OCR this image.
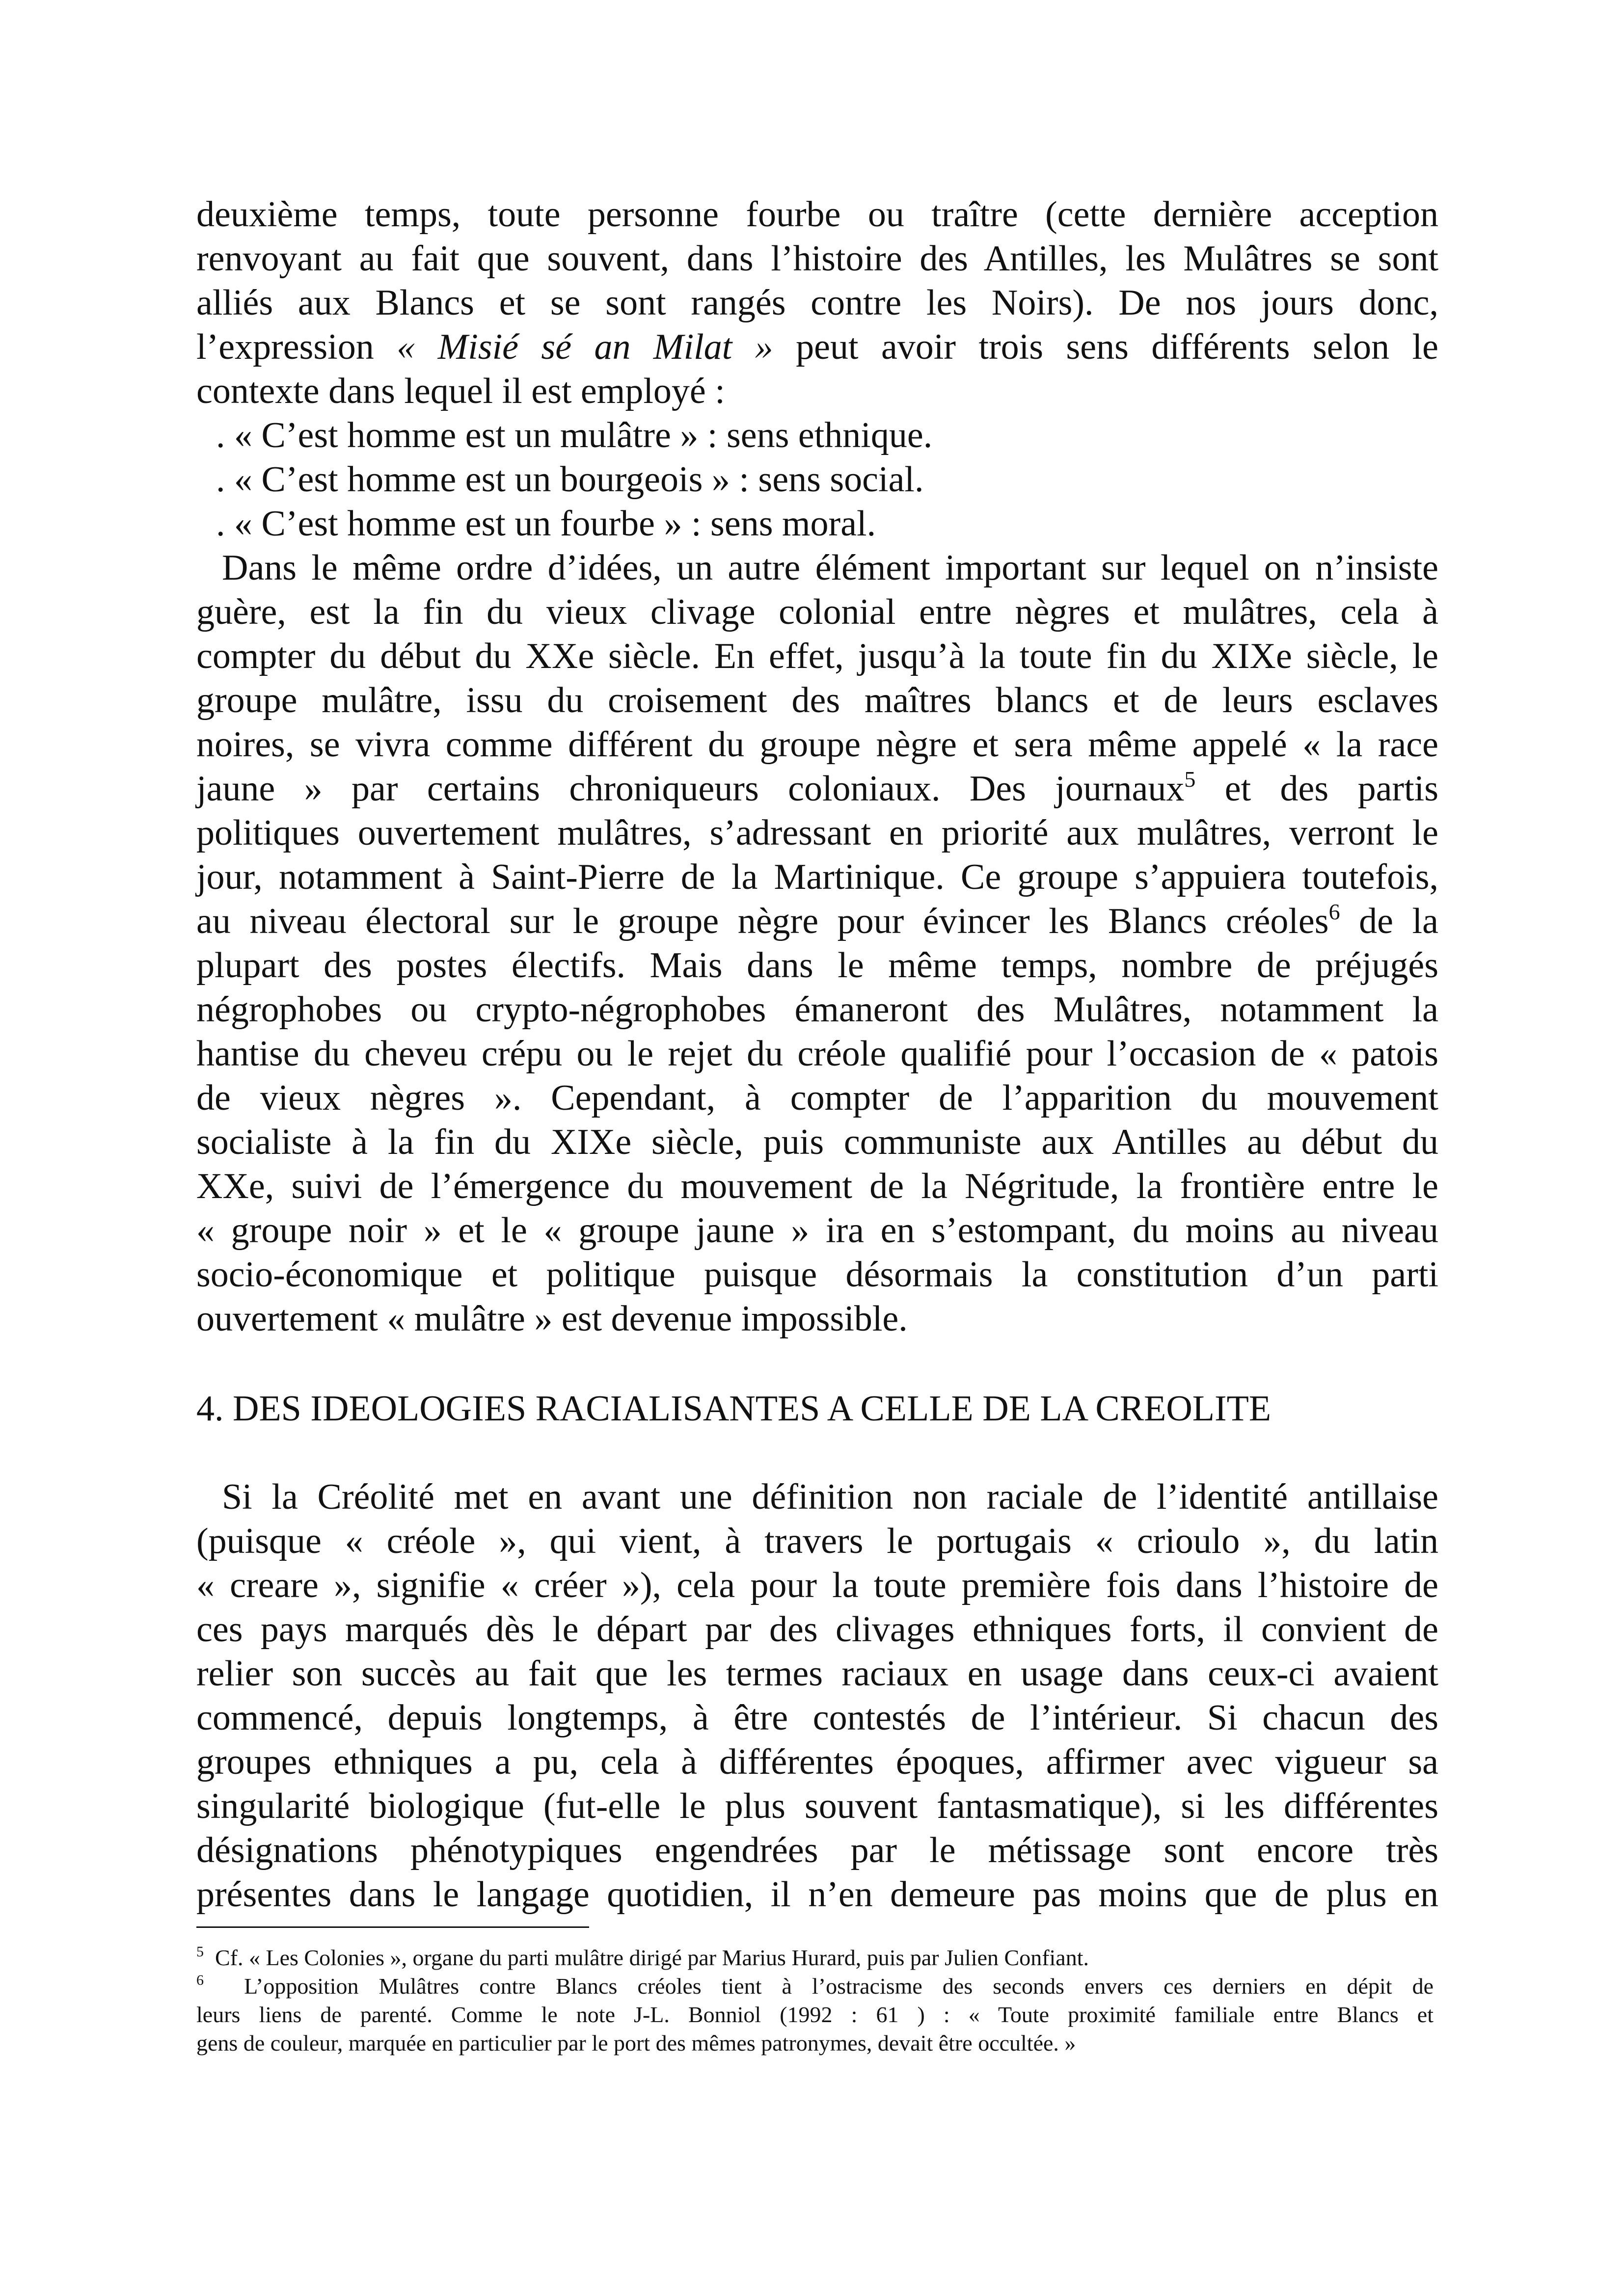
deuxième temps, toute personne fourbe ou traître (cette dernière acception
renvoyant au fait que souvent, dans l’histoire des Antilles, les Mulâtres se sont
alliés aux Blancs et se sont rangés contre les Noirs). De nos jours donc,
l’expression « Misié sé an Milat » peut avoir trois sens différents selon le
contexte dans lequel il est employé :
. « C’est homme est un mulâtre » : sens ethnique.
. « C’est homme est un bourgeois » : sens social.
. « C’est homme est un fourbe » : sens moral.
Dans le même ordre d’idées, un autre élément important sur lequel on n’insiste
guère, est la fin du vieux clivage colonial entre nègres et mulâtres, cela à
compter du début du XXe siècle. En effet, jusqu’à la toute fin du XIXe siècle, le
groupe mulâtre, issu du croisement des maîtres blancs et de leurs esclaves
noires, se vivra comme différent du groupe nègre et sera même appelé « la race
jaune » par certains chroniqueurs coloniaux. Des journaux$^5$ et des partis
politiques ouvertement mulâtres, s’adressant en priorité aux mulâtres, verront le
jour, notamment à Saint-Pierre de la Martinique. Ce groupe s’appuiera toutefois,
au niveau électoral sur le groupe nègre pour évincer les Blancs créoles$^6$ de la
plupart des postes électifs. Mais dans le même temps, nombre de préjugés
négrophobes ou crypto-négrophobes émaneront des Mulâtres, notamment la
hantise du cheveu crépu ou le rejet du créole qualifié pour l’occasion de « patois
de vieux nègres ». Cependant, à compter de l’apparition du mouvement
socialiste à la fin du XIXe siècle, puis communiste aux Antilles au début du
XXe, suivi de l’émergence du mouvement de la Négritude, la frontière entre le
« groupe noir » et le « groupe jaune » ira en s’estompant, du moins au niveau
socio-économique et politique puisque désormais la constitution d’un parti
ouvertement « mulâtre » est devenue impossible.
4. DES IDEOLOGIES RACIALISANTES A CELLE DE LA CREOLITE
Si la Créolité met en avant une définition non raciale de l’identité antillaise
(puisque « créole », qui vient, à travers le portugais « crioulo », du latin
« creare », signifie « créer »), cela pour la toute première fois dans l’histoire de
ces pays marqués dès le départ par des clivages ethniques forts, il convient de
relier son succès au fait que les termes raciaux en usage dans ceux-ci avaient
commencé, depuis longtemps, à être contestés de l’intérieur. Si chacun des
groupes ethniques a pu, cela à différentes époques, affirmer avec vigueur sa
singularité biologique (fut-elle le plus souvent fantasmatique), si les différentes
désignations phénotypiques engendrées par le métissage sont encore très
présentes dans le langage quotidien, il n’en demeure pas moins que de plus en
$^5$ Cf. « Les Colonies », organe du parti mulâtre dirigé par Marius Hurard, puis par Julien Confiant.
$^6$ L’opposition Mulâtres contre Blancs créoles tient à l’ostracisme des seconds envers ces derniers en dépit de
leurs liens de parenté. Comme le note J-L. Bonniol (1992 : 61 ) : « Toute proximité familiale entre Blancs et
gens de couleur, marquée en particulier par le port des mêmes patronymes, devait être occultée. »
